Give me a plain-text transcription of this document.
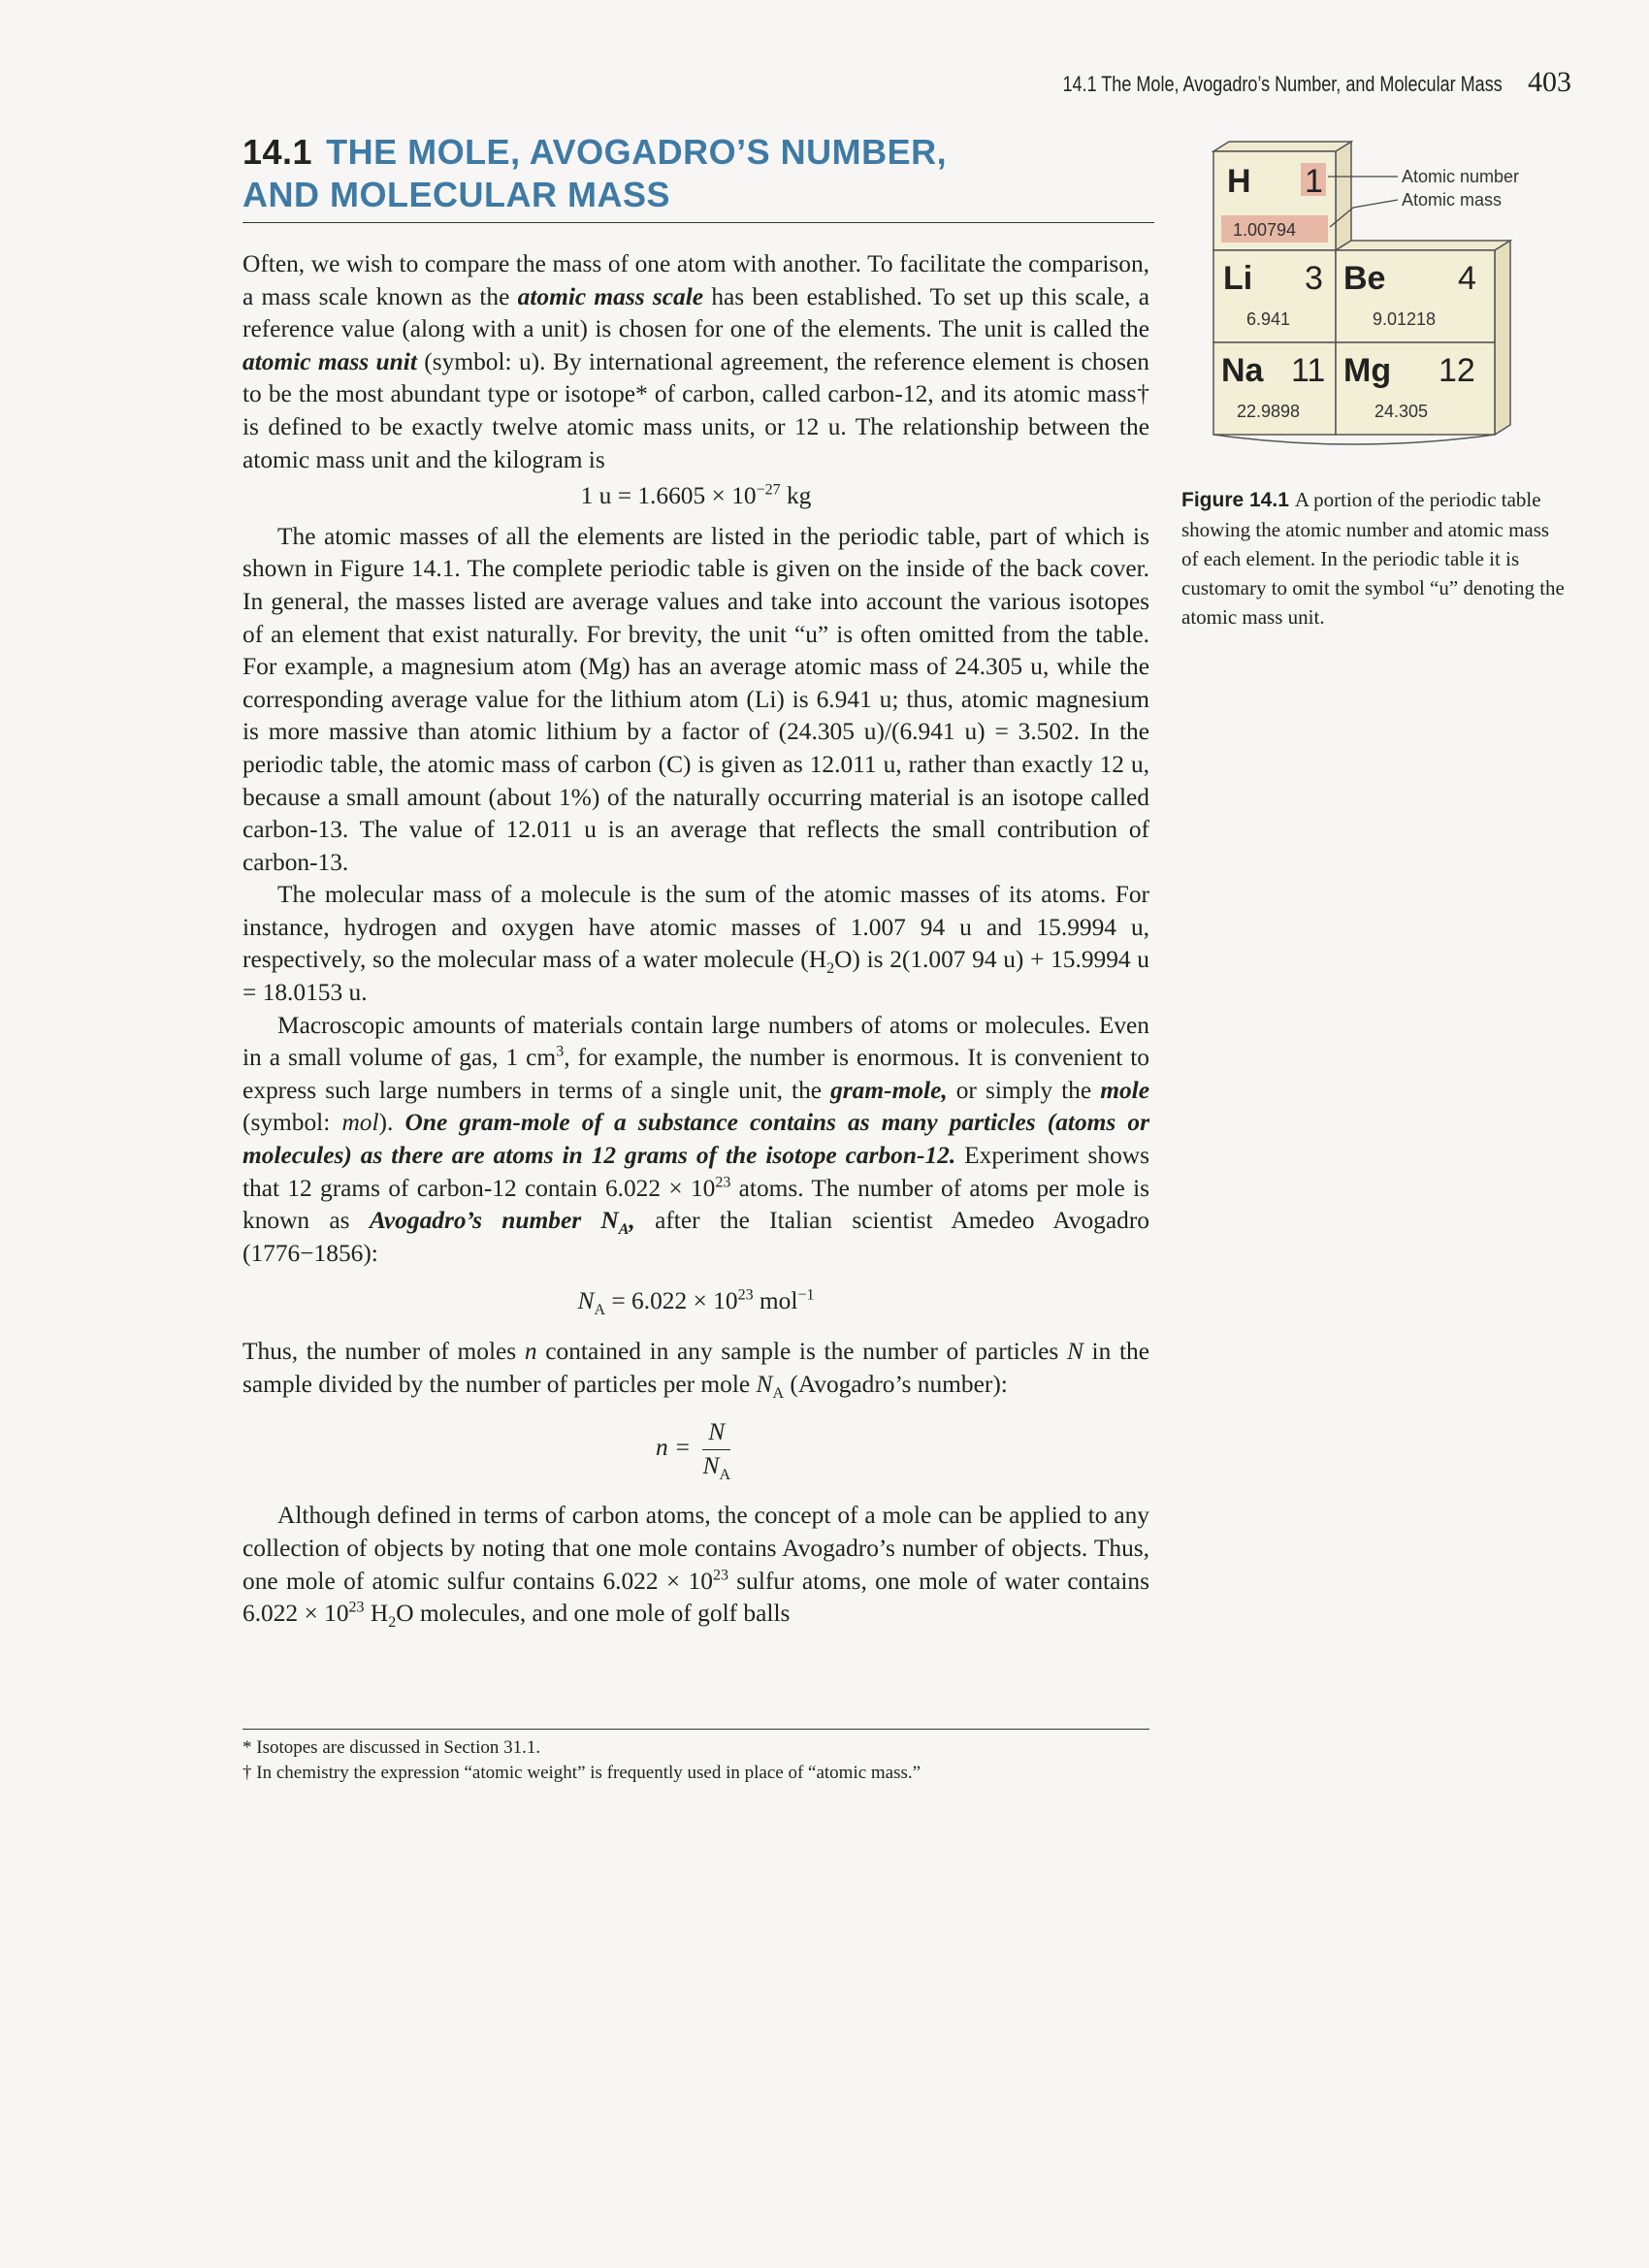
14.1 The Mole, Avogadro’s Number, and Molecular Mass 403
14.1 THE MOLE, AVOGADRO’S NUMBER,
AND MOLECULAR MASS

Often, we wish to compare the mass of one atom with another. To facilitate the comparison, a mass scale known as the atomic mass scale has been established. To set up this scale, a reference value (along with a unit) is chosen for one of the elements. The unit is called the atomic mass unit (symbol: u). By international agreement, the reference element is chosen to be the most abundant type or isotope* of carbon, called carbon-12, and its atomic mass† is defined to be exactly twelve atomic mass units, or 12 u. The relationship between the atomic mass unit and the kilogram is

1 $u = 1.6605 \times 10^{-27}$ kg

The atomic masses of all the elements are listed in the periodic table, part of which is shown in Figure 14.1. The complete periodic table is given on the inside of the back cover. In general, the masses listed are average values and take into account the various isotopes of an element that exist naturally. For brevity, the unit “u” is often omitted from the table. For example, a magnesium atom (Mg) has an average atomic mass of 24.305 u, while the corresponding average value for the lithium atom (Li) is 6.941 u; thus, atomic magnesium is more massive than atomic lithium by a factor of (24.305 u)/(6.941 u) = 3.502. In the periodic table, the atomic mass of carbon (C) is given as 12.011 u, rather than exactly 12 u, because a small amount (about 1%) of the naturally occurring material is an isotope called carbon-13. The value of 12.011 u is an average that reflects the small contribution of carbon-13.

The molecular mass of a molecule is the sum of the atomic masses of its atoms. For instance, hydrogen and oxygen have atomic masses of 1.007 94 u and 15.9994 u, respectively, so the molecular mass of a water molecule $(H_2O)$ is 2(1.007 94 u) + 15.9994 u = 18.0153 u.

Macroscopic amounts of materials contain large numbers of atoms or molecules. Even in a small volume of gas, 1 $cm^3$, for example, the number is enormous. It is convenient to express such large numbers in terms of a single unit, the gram-mole, or simply the mole (symbol: mol). One gram-mole of a substance contains as many particles (atoms or molecules) as there are atoms in 12 grams of the isotope carbon-12. Experiment shows that 12 grams of carbon-12 contain $6.022 \times 10^{23}$ atoms. The number of atoms per mole is known as Avogadro’s number $N_A$, after the Italian scientist Amedeo Avogadro (1776−1856):

$N_A = 6.022 \times 10^{23}$ mol$^{-1}$

Thus, the number of moles n contained in any sample is the number of particles N in the sample divided by the number of particles per mole $N_A$ (Avogadro’s number):

$n = \frac{N}{N_A}$

Although defined in terms of carbon atoms, the concept of a mole can be applied to any collection of objects by noting that one mole contains Avogadro’s number of objects. Thus, one mole of atomic sulfur contains $6.022 \times 10^{23}$ sulfur atoms, one mole of water contains $6.022 \times 10^{23}$ $H_2O$ molecules, and one mole of golf balls

* Isotopes are discussed in Section 31.1.
† In chemistry the expression “atomic weight” is frequently used in place of “atomic mass.”
H 1
1.00794
Atomic number
Atomic mass
Li 3
6.941
Be 4
9.01218
Na 11
22.9898
Mg 12
24.305
Figure 14.1 A portion of the periodic table showing the atomic number and atomic mass of each element. In the periodic table it is customary to omit the symbol “u” denoting the atomic mass unit.
